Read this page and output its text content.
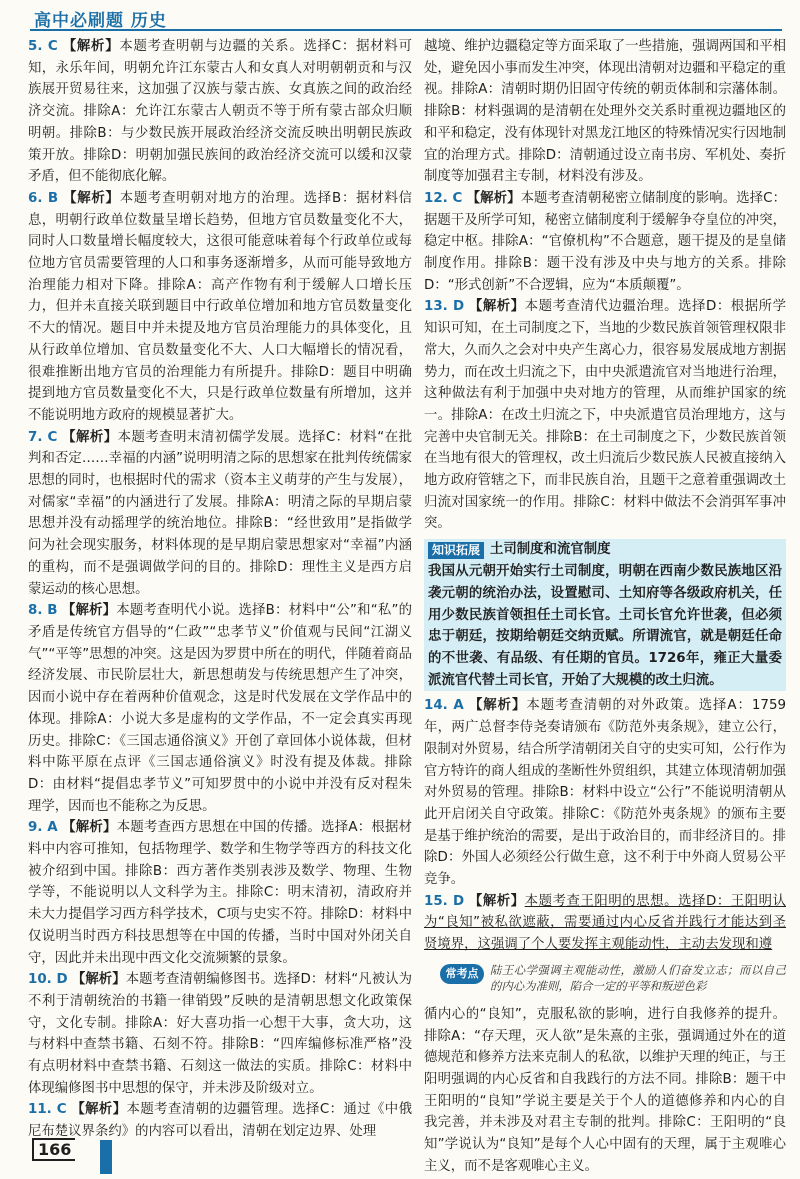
高中必刷题 历史

5. C 【解析】本题考查明朝与边疆的关系。选择C：据材料可知，永乐年间，明朝允许江东蒙古人和女真人对明朝朝贡和与汉族展开贸易往来，这加强了汉族与蒙古族、女真族之间的政治经济交流。排除A：允许江东蒙古人朝贡不等于所有蒙古部众归顺明朝。排除B：与少数民族开展政治经济交流反映出明朝民族政策开放。排除D：明朝加强民族间的政治经济交流可以缓和汉蒙矛盾，但不能彻底化解。

6. B 【解析】本题考查明朝对地方的治理。选择B：据材料信息，明朝行政单位数量呈增长趋势，但地方官员数量变化不大，同时人口数量增长幅度较大，这很可能意味着每个行政单位或每位地方官员需要管理的人口和事务逐渐增多，从而可能导致地方治理能力相对下降。排除A：高产作物有利于缓解人口增长压力，但并未直接关联到题目中行政单位增加和地方官员数量变化不大的情况。题目中并未提及地方官员治理能力的具体变化，且从行政单位增加、官员数量变化不大、人口大幅增长的情况看，很难推断出地方官员的治理能力有所提升。排除D：题目中明确提到地方官员数量变化不大，只是行政单位数量有所增加，这并不能说明地方政府的规模显著扩大。

7. C 【解析】本题考查明末清初儒学发展。选择C：材料“在批判和否定……幸福的内涵”说明明清之际的思想家在批判传统儒家思想的同时，也根据时代的需求（资本主义萌芽的产生与发展），对儒家“幸福”的内涵进行了发展。排除A：明清之际的早期启蒙思想并没有动摇理学的统治地位。排除B：“经世致用”是指做学问为社会现实服务，材料体现的是早期启蒙思想家对“幸福”内涵的重构，而不是强调做学问的目的。排除D：理性主义是西方启蒙运动的核心思想。

8. B 【解析】本题考查明代小说。选择B：材料中“公”和“私”的矛盾是传统官方倡导的“仁政”“忠孝节义”价值观与民间“江湖义气”“平等”思想的冲突。这是因为罗贯中所在的明代，伴随着商品经济发展、市民阶层壮大，新思想萌发与传统思想产生了冲突，因而小说中存在着两种价值观念，这是时代发展在文学作品中的体现。排除A：小说大多是虚构的文学作品，不一定会真实再现历史。排除C：《三国志通俗演义》开创了章回体小说体裁，但材料中陈平原在点评《三国志通俗演义》时没有提及体裁。排除D：由材料“提倡忠孝节义”可知罗贯中的小说中并没有反对程朱理学，因而也不能称之为反思。

9. A 【解析】本题考查西方思想在中国的传播。选择A：根据材料中内容可推知，包括物理学、数学和生物学等西方的科技文化被介绍到中国。排除B：西方著作类别表涉及数学、物理、生物学等，不能说明以人文科学为主。排除C：明末清初，清政府并未大力提倡学习西方科学技术，C项与史实不符。排除D：材料中仅说明当时西方科技思想等在中国的传播，当时中国对外闭关自守，因此并未出现中西文化交流频繁的景象。

10. D 【解析】本题考查清朝编修图书。选择D：材料“凡被认为不利于清朝统治的书籍一律销毁”反映的是清朝思想文化政策保守，文化专制。排除A：好大喜功指一心想干大事，贪大功，这与材料中查禁书籍、石刻不符。排除B：“四库编修标准严格”没有点明材料中查禁书籍、石刻这一做法的实质。排除C：材料中体现编修图书中思想的保守，并未涉及阶级对立。

11. C 【解析】本题考查清朝的边疆管理。选择C：通过《中俄尼布楚议界条约》的内容可以看出，清朝在划定边界、处理

越境、维护边疆稳定等方面采取了一些措施，强调两国和平相处，避免因小事而发生冲突，体现出清朝对边疆和平稳定的重视。排除A：清朝时期仍旧固守传统的朝贡体制和宗藩体制。排除B：材料强调的是清朝在处理外交关系时重视边疆地区的和平和稳定，没有体现针对黑龙江地区的特殊情况实行因地制宜的治理方式。排除D：清朝通过设立南书房、军机处、奏折制度等加强君主专制，材料没有涉及。

12. C 【解析】本题考查清朝秘密立储制度的影响。选择C：据题干及所学可知，秘密立储制度利于缓解争夺皇位的冲突，稳定中枢。排除A：“官僚机构”不合题意，题干提及的是皇储制度作用。排除B：题干没有涉及中央与地方的关系。排除D：“形式创新”不合逻辑，应为“本质颠覆”。

13. D 【解析】本题考查清代边疆治理。选择D：根据所学知识可知，在土司制度之下，当地的少数民族首领管理权限非常大，久而久之会对中央产生离心力，很容易发展成地方割据势力，而在改土归流之下，由中央派遣流官对当地进行治理，这种做法有利于加强中央对地方的管理，从而维护国家的统一。排除A：在改土归流之下，中央派遣官员治理地方，这与完善中央官制无关。排除B：在土司制度之下，少数民族首领在当地有很大的管理权，改土归流后少数民族人民被直接纳入地方政府管辖之下，而非民族自治，且题干之意着重强调改土归流对国家统一的作用。排除C：材料中做法不会消弭军事冲突。

知识拓展 土司制度和流官制度

我国从元朝开始实行土司制度，明朝在西南少数民族地区沿袭元朝的统治办法，设置慰司、土知府等各级政府机关，任用少数民族首领担任土司长官。土司长官允许世袭，但必须忠于朝廷，按期给朝廷交纳贡赋。所谓流官，就是朝廷任命的不世袭、有品级、有任期的官员。1726年，雍正大量委派流官代替土司长官，开始了大规模的改土归流。

14. A 【解析】本题考查清朝的对外政策。选择A：1759年，两广总督李侍尧奏请颁布《防范外夷条规》，建立公行，限制对外贸易，结合所学清朝闭关自守的史实可知，公行作为官方特许的商人组成的垄断性外贸组织，其建立体现清朝加强对外贸易的管理。排除B：材料中设立“公行”不能说明清朝从此开启闭关自守政策。排除C：《防范外夷条规》的颁布主要是基于维护统治的需要，是出于政治目的，而非经济目的。排除D：外国人必须经公行做生意，这不利于中外商人贸易公平竞争。

15. D 【解析】本题考查王阳明的思想。选择D：王阳明认为“良知”被私欲遮蔽，需要通过内心反省并践行才能达到圣贤境界，这强调了个人要发挥主观能动性，主动去发现和遵

常考点	陆王心学强调主观能动性，激励人们奋发立志；而以自己的内心为准则，陷合一定的平等和叛逆色彩

循内心的“良知”，克服私欲的影响，进行自我修养的提升。排除A：“存天理，灭人欲”是朱熹的主张，强调通过外在的道德规范和修养方法来克制人的私欲，以维护天理的纯正，与王阳明强调的内心反省和自我践行的方法不同。排除B：题干中王阳明的“良知”学说主要是关于个人的道德修养和内心的自我完善，并未涉及对君主专制的批判。排除C：王阳明的“良知”学说认为“良知”是每个人心中固有的天理，属于主观唯心主义，而不是客观唯心主义。

166
